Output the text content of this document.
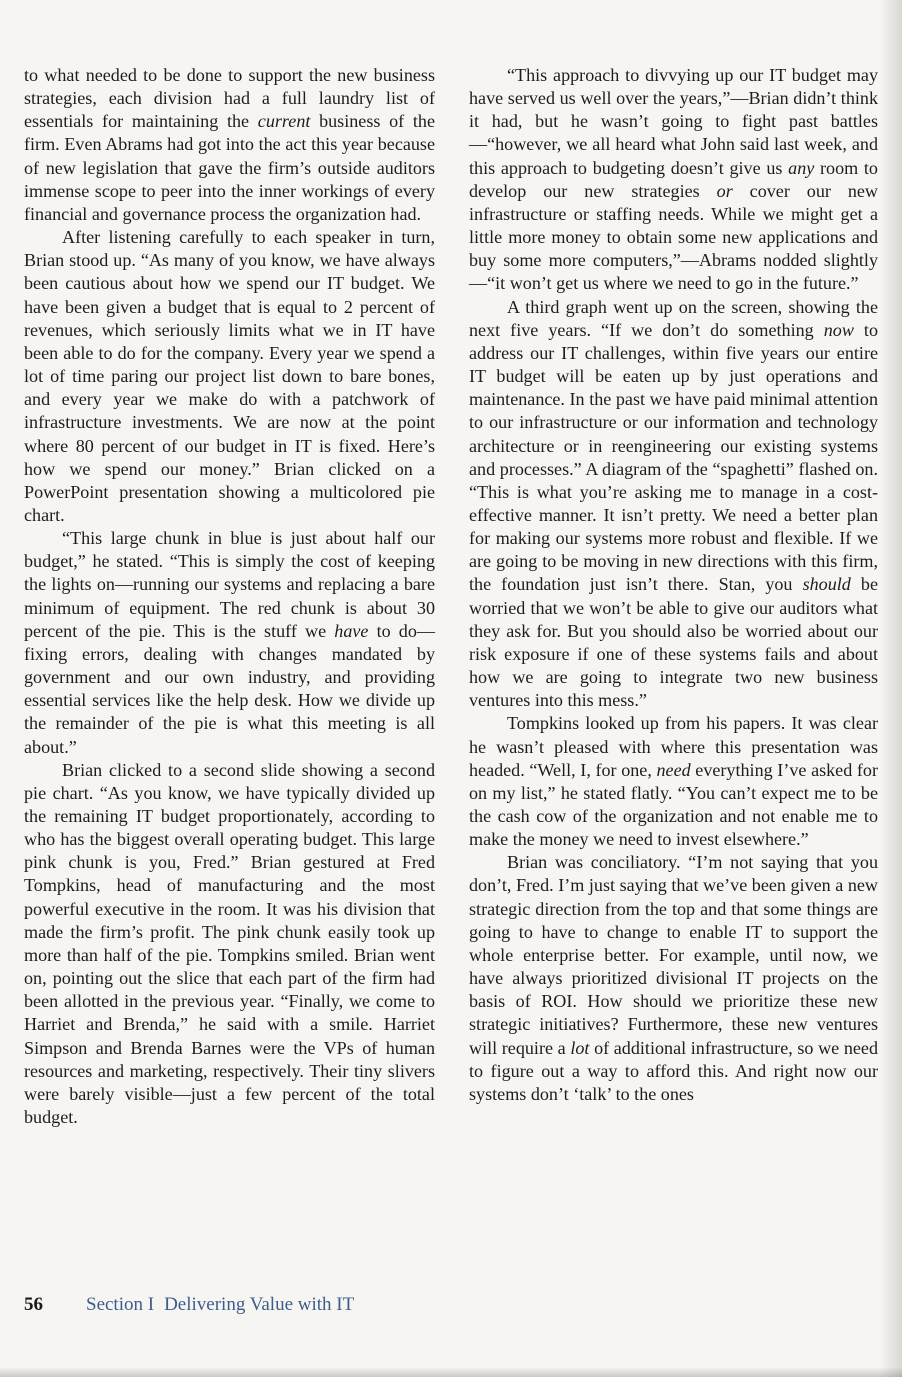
to what needed to be done to support the new business strategies, each division had a full laundry list of essentials for maintaining the current business of the firm. Even Abrams had got into the act this year because of new legislation that gave the firm’s outside auditors immense scope to peer into the inner workings of every financial and governance process the organization had.

After listening carefully to each speaker in turn, Brian stood up. “As many of you know, we have always been cautious about how we spend our IT budget. We have been given a budget that is equal to 2 percent of revenues, which seriously limits what we in IT have been able to do for the company. Every year we spend a lot of time paring our project list down to bare bones, and every year we make do with a patchwork of infrastructure investments. We are now at the point where 80 percent of our budget in IT is fixed. Here’s how we spend our money.” Brian clicked on a PowerPoint presentation showing a multicolored pie chart.

“This large chunk in blue is just about half our budget,” he stated. “This is simply the cost of keeping the lights on—running our systems and replacing a bare minimum of equipment. The red chunk is about 30 percent of the pie. This is the stuff we have to do—fixing errors, dealing with changes mandated by government and our own industry, and providing essential services like the help desk. How we divide up the remainder of the pie is what this meeting is all about.”

Brian clicked to a second slide showing a second pie chart. “As you know, we have typically divided up the remaining IT budget proportionately, according to who has the biggest overall operating budget. This large pink chunk is you, Fred.” Brian gestured at Fred Tompkins, head of manufacturing and the most powerful executive in the room. It was his division that made the firm’s profit. The pink chunk easily took up more than half of the pie. Tompkins smiled. Brian went on, pointing out the slice that each part of the firm had been allotted in the previous year. “Finally, we come to Harriet and Brenda,” he said with a smile. Harriet Simpson and Brenda Barnes were the VPs of human resources and marketing, respectively. Their tiny slivers were barely visible—just a few percent of the total budget.

“This approach to divvying up our IT budget may have served us well over the years,”—Brian didn’t think it had, but he wasn’t going to fight past battles—“however, we all heard what John said last week, and this approach to budgeting doesn’t give us any room to develop our new strategies or cover our new infrastructure or staffing needs. While we might get a little more money to obtain some new applications and buy some more computers,”—Abrams nodded slightly—“it won’t get us where we need to go in the future.”

A third graph went up on the screen, showing the next five years. “If we don’t do something now to address our IT challenges, within five years our entire IT budget will be eaten up by just operations and maintenance. In the past we have paid minimal attention to our infrastructure or our information and technology architecture or in reengineering our existing systems and processes.” A diagram of the “spaghetti” flashed on. “This is what you’re asking me to manage in a cost-effective manner. It isn’t pretty. We need a better plan for making our systems more robust and flexible. If we are going to be moving in new directions with this firm, the foundation just isn’t there. Stan, you should be worried that we won’t be able to give our auditors what they ask for. But you should also be worried about our risk exposure if one of these systems fails and about how we are going to integrate two new business ventures into this mess.”

Tompkins looked up from his papers. It was clear he wasn’t pleased with where this presentation was headed. “Well, I, for one, need everything I’ve asked for on my list,” he stated flatly. “You can’t expect me to be the cash cow of the organization and not enable me to make the money we need to invest elsewhere.”

Brian was conciliatory. “I’m not saying that you don’t, Fred. I’m just saying that we’ve been given a new strategic direction from the top and that some things are going to have to change to enable IT to support the whole enterprise better. For example, until now, we have always prioritized divisional IT projects on the basis of ROI. How should we prioritize these new strategic initiatives? Furthermore, these new ventures will require a lot of additional infrastructure, so we need to figure out a way to afford this. And right now our systems don’t ‘talk’ to the ones

56	Section I Delivering Value with IT
